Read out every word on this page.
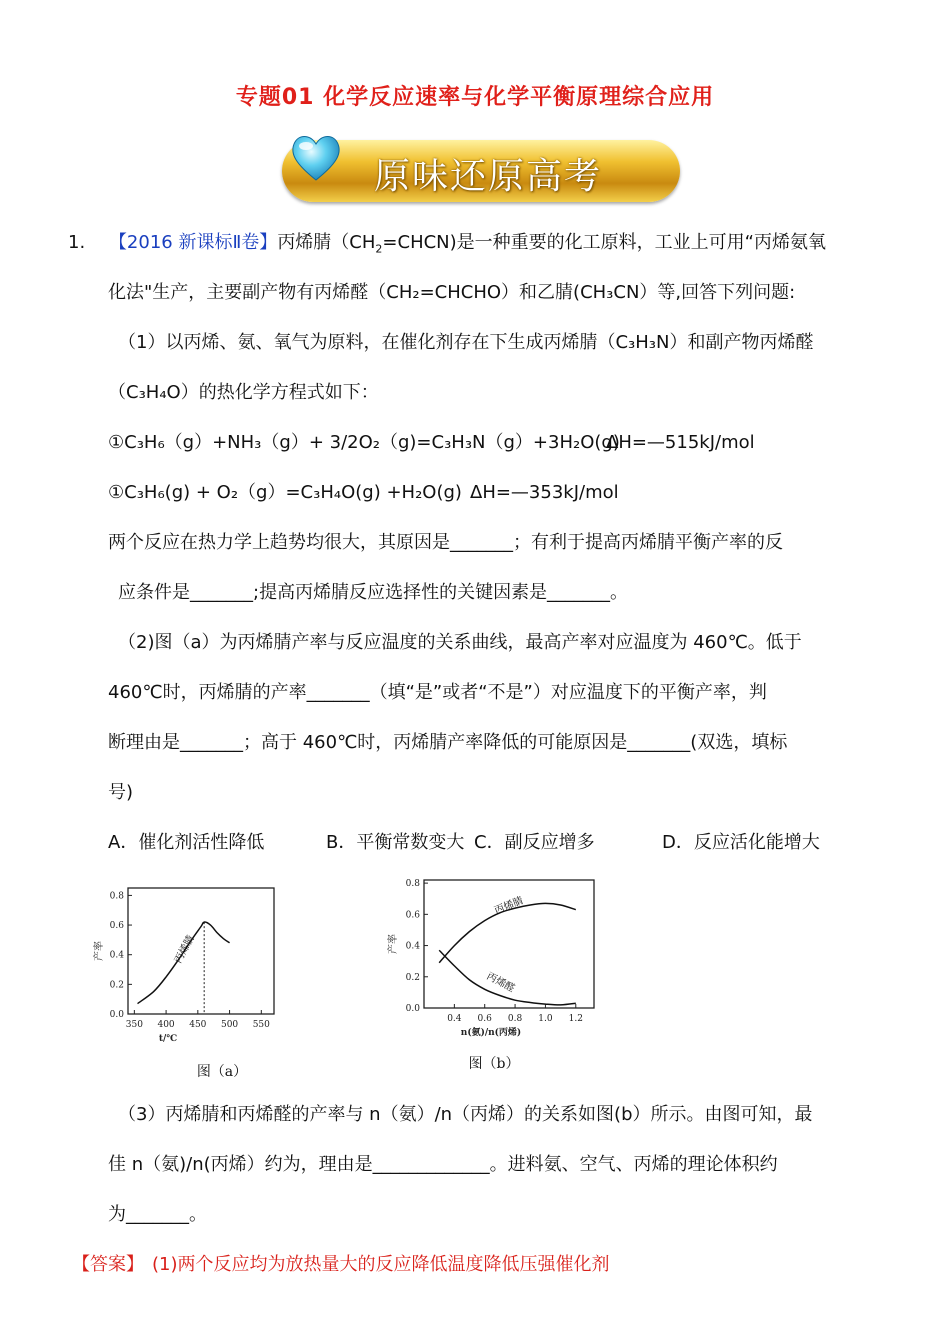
专题01 化学反应速率与化学平衡原理综合应用
原味还原高考
1. 【2016 新课标Ⅱ卷】丙烯腈$(CH_2=CHCN)$是一种重要的化工原料，工业上可用“丙烯氨氧
化法"生产，主要副产物有丙烯醛（CH₂=CHCHO）和乙腈(CH₃CN）等,回答下列问题:
（1）以丙烯、氨、氧气为原料，在催化剂存在下生成丙烯腈（C₃H₃N）和副产物丙烯醛
（C₃H₄O）的热化学方程式如下：
①C₃H₆（g）+NH₃（g）+ 3/2O₂（g)=C₃H₃N（g）+3H₂O(g)
ΔH=—515kJ/mol
①C₃H₆(g) + O₂（g）=C₃H₄O(g) +H₂O(g) ΔH=—353kJ/mol
两个反应在热力学上趋势均很大，其原因是_______；有利于提高丙烯腈平衡产率的反
应条件是_______;提高丙烯腈反应选择性的关键因素是_______。
（2)图（a）为丙烯腈产率与反应温度的关系曲线，最高产率对应温度为 460℃。低于
460℃时，丙烯腈的产率_______（填“是”或者“不是”）对应温度下的平衡产率，判
断理由是_______；高于 460℃时，丙烯腈产率降低的可能原因是_______(双选，填标
号)
A．催化剂活性降低	B．平衡常数变大 C．副反应增多	D．反应活化能增大
350 400 450 500 550
0.0
0.2
0.4
0.6
0.8
产率
t/℃
丙烯腈
图（a）
0.4 0.6 0.8 1.0 1.2
0.0
0.2
0.4
0.6
0.8
产率
n(氨)/n(丙烯)
丙烯腈
丙烯醛
图（b）
（3）丙烯腈和丙烯醛的产率与 n（氨）/n（丙烯）的关系如图(b）所示。由图可知，最
佳 n（氨)/n(丙烯）约为，理由是_____________。进料氨、空气、丙烯的理论体积约
为_______。
【答案】 (1)两个反应均为放热量大的反应降低温度降低压强催化剂
